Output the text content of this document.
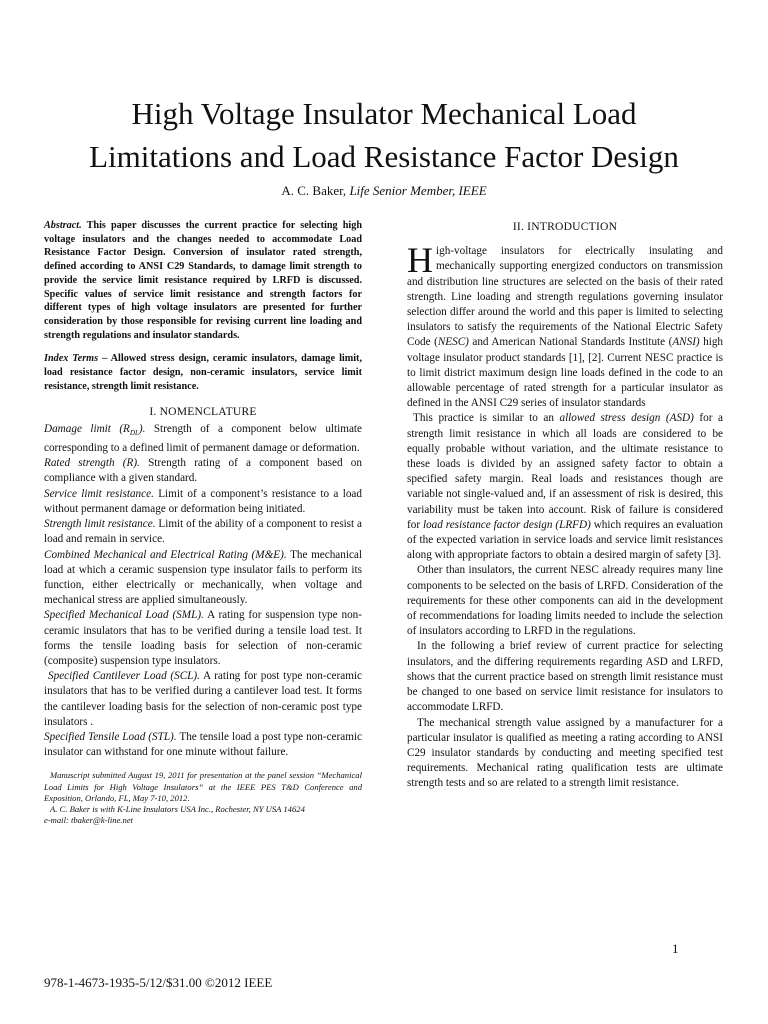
High Voltage Insulator Mechanical Load
Limitations and Load Resistance Factor Design
A. C. Baker, Life Senior Member, IEEE

Abstract. This paper discusses the current practice for selecting high voltage insulators and the changes needed to accommodate Load Resistance Factor Design. Conversion of insulator rated strength, defined according to ANSI C29 Standards, to damage limit strength to provide the service limit resistance required by LRFD is discussed. Specific values of service limit resistance and strength factors for different types of high voltage insulators are presented for further consideration by those responsible for revising current line loading and strength regulations and insulator standards.

Index Terms – Allowed stress design, ceramic insulators, damage limit, load resistance factor design, non-ceramic insulators, service limit resistance, strength limit resistance.

I. NOMENCLATURE

Damage limit $(R_{DL})$. Strength of a component below ultimate corresponding to a defined limit of permanent damage or deformation.

Rated strength (R). Strength rating of a component based on compliance with a given standard.

Service limit resistance. Limit of a component’s resistance to a load without permanent damage or deformation being initiated.

Strength limit resistance. Limit of the ability of a component to resist a load and remain in service.

Combined Mechanical and Electrical Rating (M&E). The mechanical load at which a ceramic suspension type insulator fails to perform its function, either electrically or mechanically, when voltage and mechanical stress are applied simultaneously.

Specified Mechanical Load (SML). A rating for suspension type non-ceramic insulators that has to be verified during a tensile load test. It forms the tensile loading basis for selection of non-ceramic (composite) suspension type insulators.

Specified Cantilever Load (SCL). A rating for post type non-ceramic insulators that has to be verified during a cantilever load test. It forms the cantilever loading basis for the selection of non-ceramic post type insulators .

Specified Tensile Load (STL). The tensile load a post type non-ceramic insulator can withstand for one minute without failure.

Manuscript submitted August 19, 2011 for presentation at the panel session “Mechanical Load Limits for High Voltage Insulators” at the IEEE PES T&D Conference and Exposition, Orlando, FL, May 7-10, 2012.

A. C. Baker is with K-Line Insulators USA Inc., Rochester, NY USA 14624

e-mail: tbaker@k-line.net

II. INTRODUCTION

High-voltage insulators for electrically insulating and mechanically supporting energized conductors on transmission and distribution line structures are selected on the basis of their rated strength. Line loading and strength regulations governing insulator selection differ around the world and this paper is limited to selecting insulators to satisfy the requirements of the National Electric Safety Code (NESC) and American National Standards Institute (ANSI) high voltage insulator product standards [1], [2]. Current NESC practice is to limit district maximum design line loads defined in the code to an allowable percentage of rated strength for a particular insulator as defined in the ANSI C29 series of insulator standards

This practice is similar to an allowed stress design (ASD) for a strength limit resistance in which all loads are considered to be equally probable without variation, and the ultimate resistance to these loads is divided by an assigned safety factor to obtain a specified safety margin. Real loads and resistances though are variable not single-valued and, if an assessment of risk is desired, this variability must be taken into account. Risk of failure is considered for load resistance factor design (LRFD) which requires an evaluation of the expected variation in service loads and service limit resistances along with appropriate factors to obtain a desired margin of safety [3].

Other than insulators, the current NESC already requires many line components to be selected on the basis of LRFD. Consideration of the requirements for these other components can aid in the development of recommendations for loading limits needed to include the selection of insulators according to LRFD in the regulations.

In the following a brief review of current practice for selecting insulators, and the differing requirements regarding ASD and LRFD, shows that the current practice based on strength limit resistance must be changed to one based on service limit resistance for insulators to accommodate LRFD.

The mechanical strength value assigned by a manufacturer for a particular insulator is qualified as meeting a rating according to ANSI C29 insulator standards by conducting and meeting specified test requirements. Mechanical rating qualification tests are ultimate strength tests and so are related to a strength limit resistance.

1
978-1-4673-1935-5/12/$31.00 ©2012 IEEE
